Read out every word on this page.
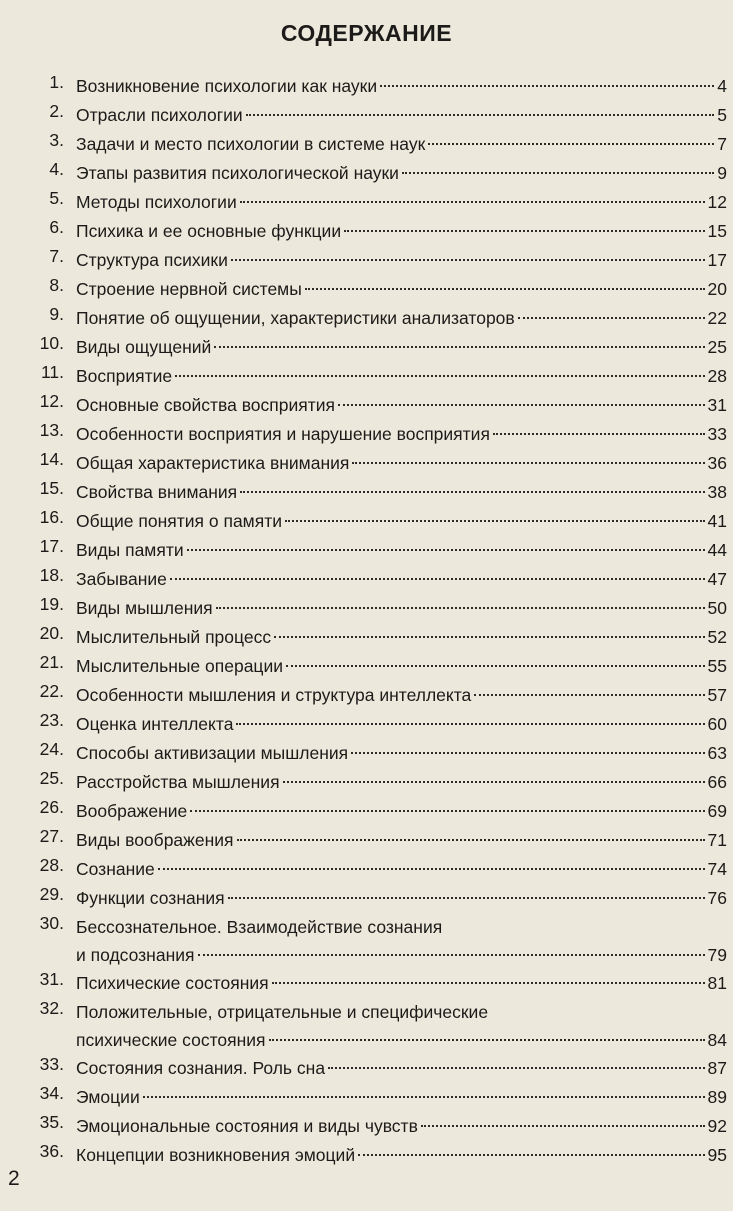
СОДЕРЖАНИЕ
1. Возникновение психологии как науки	4
2. Отрасли психологии	5
3. Задачи и место психологии в системе наук	7
4. Этапы развития психологической науки	9
5. Методы психологии	12
6. Психика и ее основные функции	15
7. Структура психики	17
8. Строение нервной системы	20
9. Понятие об ощущении, характеристики анализаторов	22
10. Виды ощущений	25
11. Восприятие	28
12. Основные свойства восприятия	31
13. Особенности восприятия и нарушение восприятия	33
14. Общая характеристика внимания	36
15. Свойства внимания	38
16. Общие понятия о памяти	41
17. Виды памяти	44
18. Забывание	47
19. Виды мышления	50
20. Мыслительный процесс	52
21. Мыслительные операции	55
22. Особенности мышления и структура интеллекта	57
23. Оценка интеллекта	60
24. Способы активизации мышления	63
25. Расстройства мышления	66
26. Воображение	69
27. Виды воображения	71
28. Сознание	74
29. Функции сознания	76
30. Бессознательное. Взаимодействие сознания
и подсознания	79
31. Психические состояния	81
32. Положительные, отрицательные и специфические
психические состояния	84
33. Состояния сознания. Роль сна	87
34. Эмоции	89
35. Эмоциональные состояния и виды чувств	92
36. Концепции возникновения эмоций	95
2
